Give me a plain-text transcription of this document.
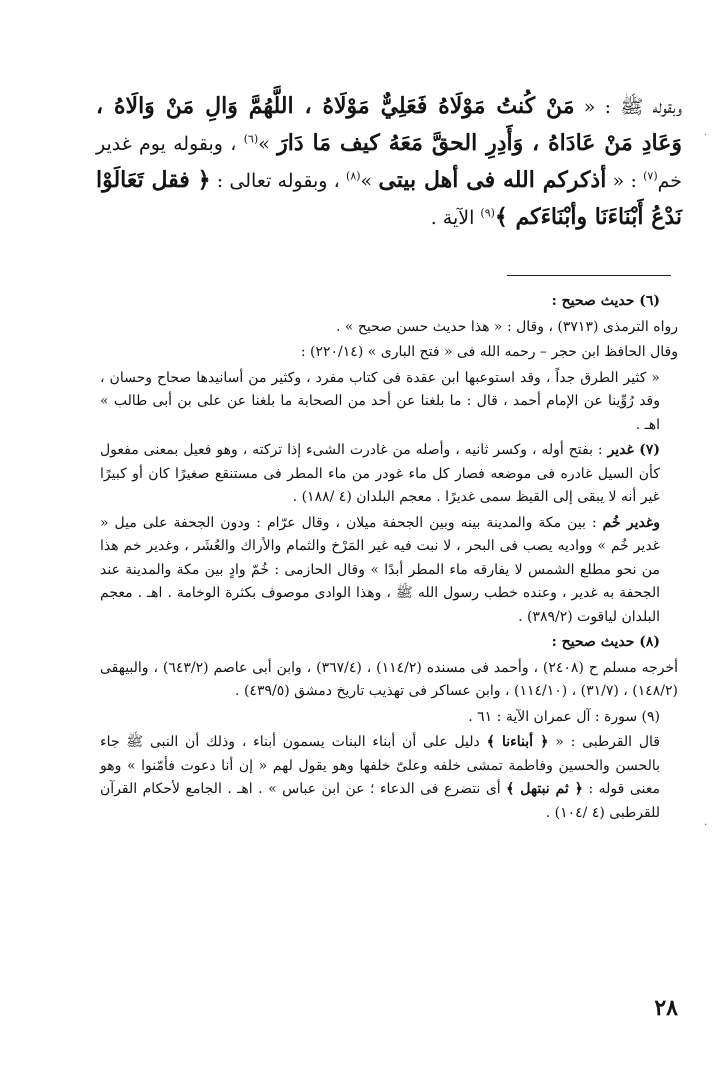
·

وبقوله ﷺ : « مَنْ كُنتُ مَوْلَاهُ فَعَلِيٌّ مَوْلَاهُ ، اللَّهُمَّ وَالِ مَنْ وَالَاهُ ، وَعَادِ مَنْ عَادَاهُ ، وَأَدِرِ الحقَّ مَعَهُ كيف مَا دَارَ »$^{(٦)}$ ، وبقوله يوم غدير خم$^{(٧)}$ : « أذكركم الله فى أهل بيتى »$^{(٨)}$ ، وبقوله تعالى : ﴿ فقل تَعَالَوْا نَدْعُ أَبْنَاءَنَا وأبْنَاءَكم ﴾$^{(٩)}$ الآية .

(٦) حديث صحيح :

رواه الترمذى (٣٧١٣) ، وقال : « هذا حديث حسن صحيح » .

وقال الحافظ ابن حجر – رحمه الله فى « فتح البارى » (٢٢٠/١٤) :

« كثير الطرق جداً ، وقد استوعبها ابن عقدة فى كتاب مفرد ، وكثير من أسانيدها صحاح وحسان ، وقد رُوِّينا عن الإمام أحمد ، قال : ما بلغنا عن أحد من الصحابة ما بلغنا عن على بن أبى طالب » اهـ .

(٧) غدير : بفتح أوله ، وكسر ثانيه ، وأصله من غادرت الشىء إذا تركته ، وهو فعيل بمعنى مفعول كأن السيل غادره فى موضعه فصار كل ماء غودر من ماء المطر فى مستنقع صغيرًا كان أو كبيرًا غير أنه لا يبقى إلى القيظ سمى غديرًا . معجم البلدان (٤ /١٨٨) .

وغدير خُم : بين مكة والمدينة بينه وبين الجحفة ميلان ، وقال عرّام : ودون الجحفة على ميل « غدير خُم » وواديه يصب فى البحر ، لا نبت فيه غير المَرْخ والثمام والأراك والعُشَر ، وغدير خم هذا من نحو مطلع الشمس لا يفارقه ماء المطر أبدًا » وقال الحازمى : خُمّ وادٍ بين مكة والمدينة عند الجحفة به غدير ، وعنده خطب رسول الله ﷺ ، وهذا الوادى موصوف بكثرة الوخامة . اهـ . معجم البلدان لياقوت (٣٨٩/٢) .

(٨) حديث صحيح :

أخرجه مسلم ح (٢٤٠٨) ، وأحمد فى مسنده (١١٤/٢) ، (٣٦٧/٤) ، وابن أبى عاصم (٦٤٣/٢) ، والبيهقى (١٤٨/٢) ، (٣١/٧) ، (١١٤/١٠) ، وابن عساكر فى تهذيب تاريخ دمشق (٤٣٩/٥) .

(٩) سورة : آل عمران الآية : ٦١ .

قال القرطبى : « ﴿ أبناءنا ﴾ دليل على أن أبناء البنات يسمون أبناء ، وذلك أن النبى ﷺ جاء بالحسن والحسين وفاطمة تمشى خلفه وعلىّ خلفها وهو يقول لهم « إن أنا دعوت فأمّنوا » وهو معنى قوله : ﴿ ثم نبتهل ﴾ أى نتضرع فى الدعاء ؛ عن ابن عباس » . اهـ . الجامع لأحكام القرآن للقرطبى (٤ /١٠٤) .

·
٢٨
